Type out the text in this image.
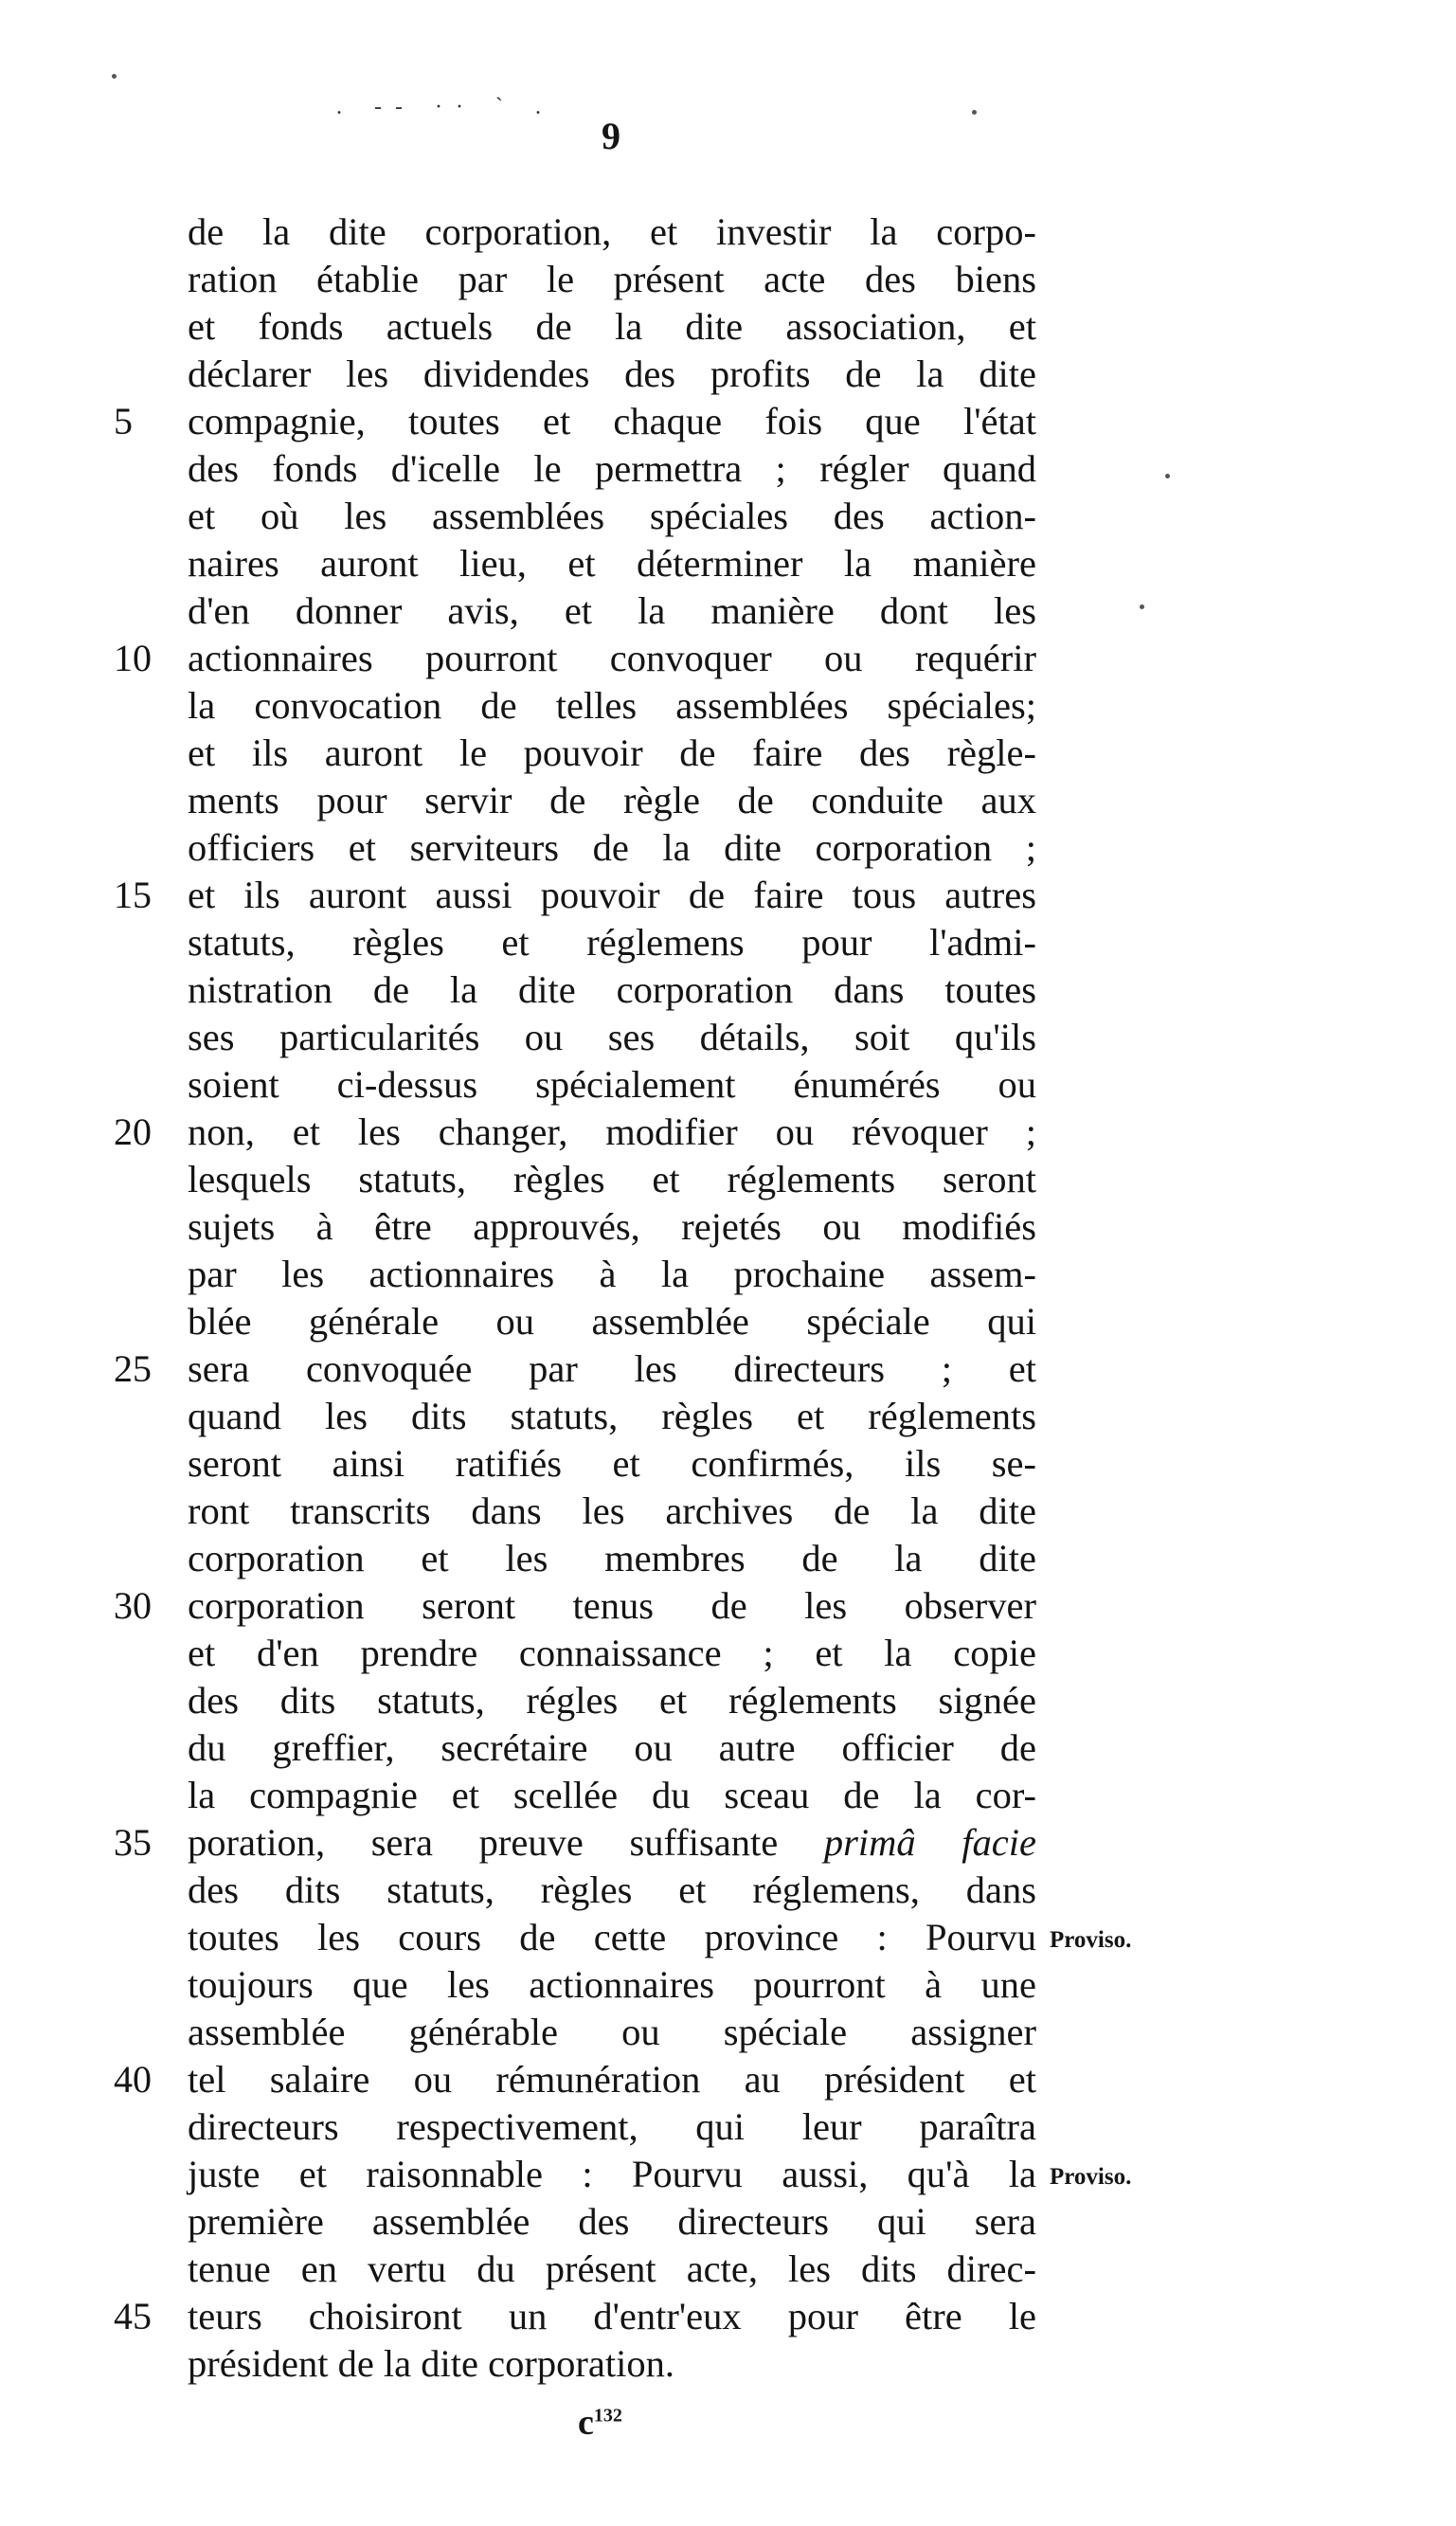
9
. -- ·· ` .
de la dite corporation, et investir la corpo-
ration établie par le présent acte des biens
et fonds actuels de la dite association, et
déclarer les dividendes des profits de la dite
compagnie, toutes et chaque fois que l'état
5
des fonds d'icelle le permettra ; régler quand
et où les assemblées spéciales des action-
naires auront lieu, et déterminer la manière
d'en donner avis, et la manière dont les
actionnaires pourront convoquer ou requérir
10
la convocation de telles assemblées spéciales;
et ils auront le pouvoir de faire des règle-
ments pour servir de règle de conduite aux
officiers et serviteurs de la dite corporation ;
et ils auront aussi pouvoir de faire tous autres
15
statuts, règles et réglemens pour l'admi-
nistration de la dite corporation dans toutes
ses particularités ou ses détails, soit qu'ils
soient ci-dessus spécialement énumérés ou
non, et les changer, modifier ou révoquer ;
20
lesquels statuts, règles et réglements seront
sujets à être approuvés, rejetés ou modifiés
par les actionnaires à la prochaine assem-
blée générale ou assemblée spéciale qui
sera convoquée par les directeurs ; et
25
quand les dits statuts, règles et réglements
seront ainsi ratifiés et confirmés, ils se-
ront transcrits dans les archives de la dite
corporation et les membres de la dite
corporation seront tenus de les observer
30
et d'en prendre connaissance ; et la copie
des dits statuts, régles et réglements signée
du greffier, secrétaire ou autre officier de
la compagnie et scellée du sceau de la cor-
poration, sera preuve suffisante primâ facie
35
des dits statuts, règles et réglemens, dans
toutes les cours de cette province : Pourvu
toujours que les actionnaires pourront à une
assemblée générable ou spéciale assigner
tel salaire ou rémunération au président et
40
directeurs respectivement, qui leur paraîtra
juste et raisonnable : Pourvu aussi, qu'à la
première assemblée des directeurs qui sera
tenue en vertu du présent acte, les dits direc-
teurs choisiront un d'entr'eux pour être le
45
président de la dite corporation.
Proviso.
Proviso.
$c^{132}$
